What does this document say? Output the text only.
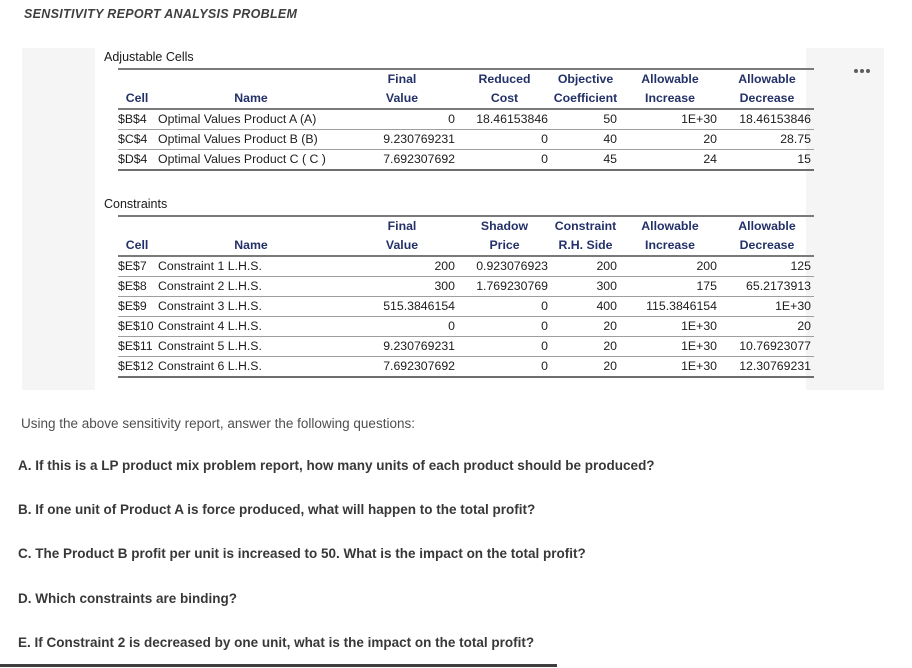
SENSITIVITY REPORT ANALYSIS PROBLEM
Adjustable Cells
		Final	Reduced	Objective	Allowable	Allowable
Cell	Name	Value	Cost	Coefficient	Increase	Decrease
$B$4	Optimal Values Product A (A)	0	18.46153846	50	1E+30	18.46153846
$C$4	Optimal Values Product B (B)	9.230769231	0	40	20	28.75
$D$4	Optimal Values Product C ( C )	7.692307692	0	45	24	15
Constraints
		Final	Shadow	Constraint	Allowable	Allowable
Cell	Name	Value	Price	R.H. Side	Increase	Decrease
$E$7	Constraint 1 L.H.S.	200	0.923076923	200	200	125
$E$8	Constraint 2 L.H.S.	300	1.769230769	300	175	65.2173913
$E$9	Constraint 3 L.H.S.	515.3846154	0	400	115.3846154	1E+30
$E$10	Constraint 4 L.H.S.	0	0	20	1E+30	20
$E$11	Constraint 5 L.H.S.	9.230769231	0	20	1E+30	10.76923077
$E$12	Constraint 6 L.H.S.	7.692307692	0	20	1E+30	12.30769231
Using the above sensitivity report, answer the following questions:
A. If this is a LP product mix problem report, how many units of each product should be produced?
B. If one unit of Product A is force produced, what will happen to the total profit?
C. The Product B profit per unit is increased to 50. What is the impact on the total profit?
D. Which constraints are binding?
E. If Constraint 2 is decreased by one unit, what is the impact on the total profit?
